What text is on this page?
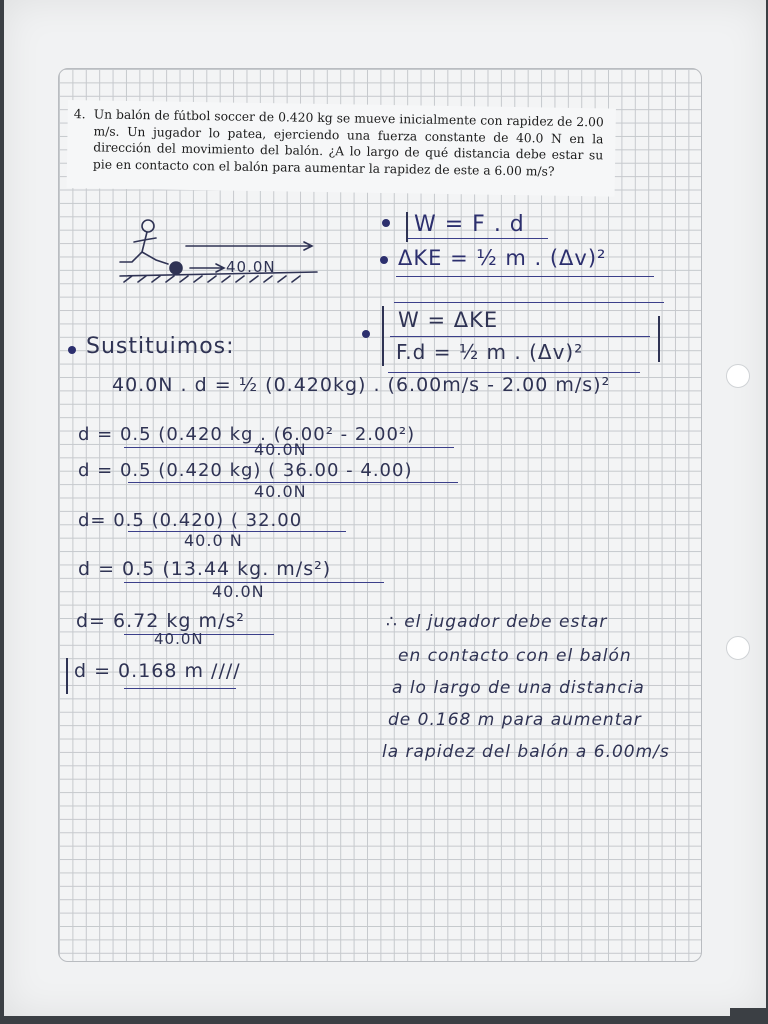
4. Un balón de fútbol soccer de 0.420 kg se mueve inicialmente con rapidez de 2.00 m/s. Un jugador lo patea, ejerciendo una fuerza constante de 40.0 N en la dirección del movimiento del balón. ¿A lo largo de qué distancia debe estar su pie en contacto con el balón para aumentar la rapidez de este a 6.00 m/s?
40.0N
W = F . d
ΔKE = ½ m . (Δv)²
W = ΔKE
F.d = ½ m . (Δv)²
Sustituimos:
40.0N . d = ½ (0.420kg) . (6.00m/s - 2.00 m/s)²
d = 0.5 (0.420 kg . (6.00² - 2.00²)
40.0N
d = 0.5 (0.420 kg) ( 36.00 - 4.00)
40.0N
d= 0.5 (0.420) ( 32.00
40.0 N
d = 0.5 (13.44 kg. m/s²)
40.0N
d= 6.72 kg m/s²
40.0N
d = 0.168 m ////
∴ el jugador debe estar
en contacto con el balón
a lo largo de una distancia
de 0.168 m para aumentar
la rapidez del balón a 6.00m/s
